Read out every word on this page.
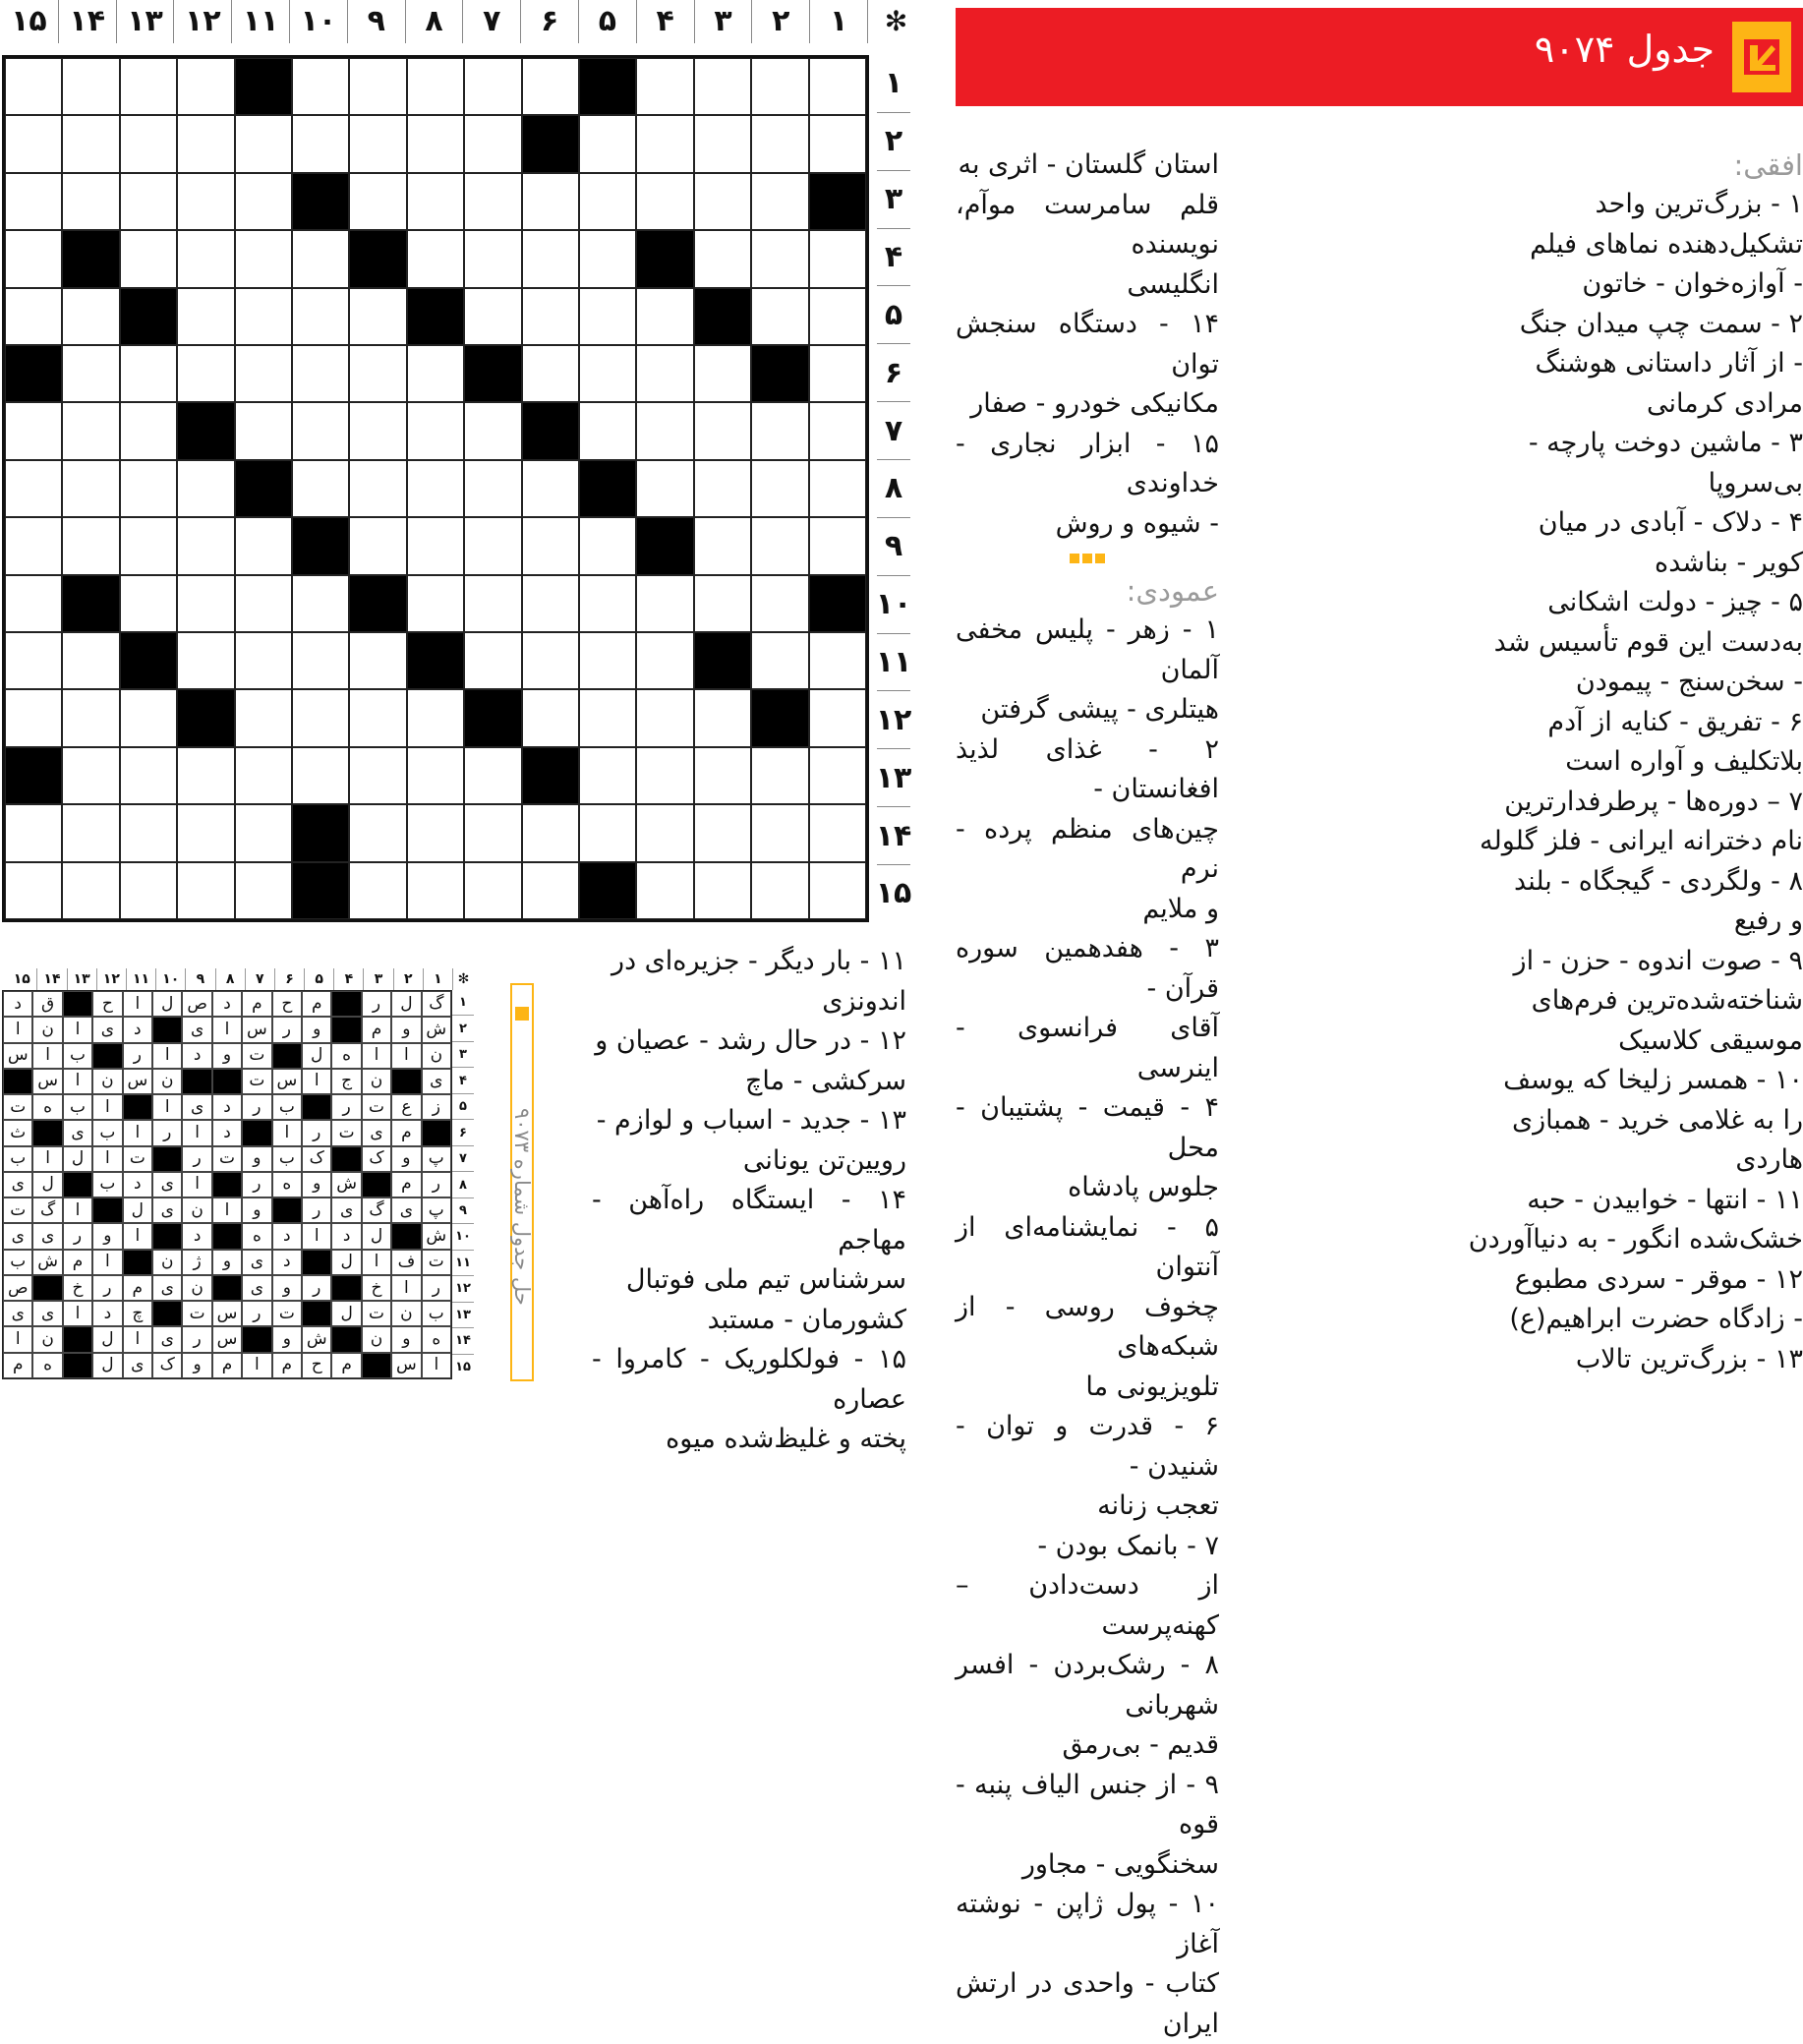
جدول ۹۰۷۴
✻
۱
۲
۳
۴
۵
۶
۷
۸
۹
۱۰
۱۱
۱۲
۱۳
۱۴
۱۵
۱
۲
۳
۴
۵
۶
۷
۸
۹
۱۰
۱۱
۱۲
۱۳
۱۴
۱۵
افقی:
۱ - بزرگ‌ترین واحد
تشکیل‌دهنده نماهای فیلم
- آوازه‌خوان - خاتون
۲ - سمت چپ میدان جنگ
- از آثار داستانی هوشنگ
مرادی کرمانی
۳ - ماشین دوخت پارچه -
بی‌سروپا
۴ - دلاک - آبادی در میان
کویر - بناشده
۵ - چیز - دولت اشکانی
به‌دست این قوم تأسیس شد
- سخن‌سنج - پیمودن
۶ - تفریق - کنایه از آدم
بلاتکلیف و آواره است
۷ – دوره‌ها - پرطرفدارترین
نام دخترانه ایرانی - فلز گلوله
۸ - ولگردی - گیجگاه - بلند
و رفیع
۹ - صوت اندوه - حزن - از
شناخته‌شده‌ترین فرم‌های
موسیقی کلاسیک
۱۰ - همسر زلیخا که یوسف
را به غلامی خرید - همبازی
هاردی
۱۱ - انتها - خوابیدن - حبه
خشک‌شده انگور - به دنیاآوردن
۱۲ - موقر - سردی مطبوع
- زادگاه حضرت ابراهیم(ع)
۱۳ - بزرگ‌ترین تالاب
استان گلستان - اثری به
قلم سامرست موآم، نویسنده
انگلیسی
۱۴ - دستگاه سنجش توان
مکانیکی خودرو - صفار
۱۵ - ابزار نجاری - خداوندی
- شیوه و روش
عمودی:
۱ - زهر - پلیس مخفی آلمان
هیتلری - پیشی گرفتن
۲ - غذای لذیذ افغانستان -
چین‌های منظم پرده - نرم
و ملایم
۳ - هفدهمین سوره قرآن -
آقای فرانسوی - اینرسی
۴ - قیمت - پشتیبان - محل
جلوس پادشاه
۵ - نمایشنامه‌ای از آنتوان
چخوف روسی - از شبکه‌های
تلویزیونی ما
۶ - قدرت و توان - شنیدن -
تعجب زنانه
۷ - بانمک بودن -
از دست‌دادن – کهنه‌پرست
۸ - رشک‌بردن - افسر شهربانی
قدیم - بی‌رمق
۹ - از جنس الیاف پنبه - قوه
سخنگویی - مجاور
۱۰ - پول ژاپن - نوشته آغاز
کتاب - واحدی در ارتش ایران
۱۱ - بار دیگر - جزیره‌ای در
اندونزی
۱۲ - در حال رشد - عصیان و
سرکشی - ماچ
۱۳ - جدید - اسباب و لوازم -
رویین‌تن یونانی
۱۴ - ایستگاه راه‌آهن - مهاجم
سرشناس تیم ملی فوتبال
کشورمان - مستبد
۱۵ - فولکلوریک - کامروا - عصاره
پخته و غلیظ‌شده میوه
حل جدول شماره ۹۰۷۳
✻
۱
۲
۳
۴
۵
۶
۷
۸
۹
۱۰
۱۱
۱۲
۱۳
۱۴
۱۵
گ
ل
ر
م
ح
م
د
ص
ل
ا
ح
ق
د
ش
و
م
و
ر
س
ا
ی
د
ی
ا
ن
ا
ن
ا
ا
ه
ل
ت
و
د
ا
ر
ب
ا
س
ی
ن
ج
ا
س
ت
ن
س
ن
ا
س
ز
ع
ت
ر
ب
ر
د
ی
ا
ا
ب
ه
ت
م
ی
ت
ر
ا
د
ا
ر
ا
ب
ی
ث
پ
و
ک
ک
ب
و
ت
ر
ت
ا
ل
ا
ب
ر
م
ش
و
ه
ر
ا
ی
د
ب
ل
ی
پ
ی
گ
ی
ر
و
ا
ن
ی
ل
ا
گ
ت
ش
ل
د
ا
د
ه
د
ا
و
ر
ی
ی
ت
ف
ا
ل
د
ی
و
ژ
ن
ا
م
ش
ب
ر
ا
خ
ر
و
ی
ن
ی
م
ر
خ
ص
ب
ن
ت
ل
ت
ر
س
ت
چ
د
ا
ی
ی
ه
و
ن
ش
و
س
ر
ی
ا
ل
ن
ا
ا
س
م
ح
م
ا
م
و
ک
ی
ل
ه
م
۱
۲
۳
۴
۵
۶
۷
۸
۹
۱۰
۱۱
۱۲
۱۳
۱۴
۱۵
